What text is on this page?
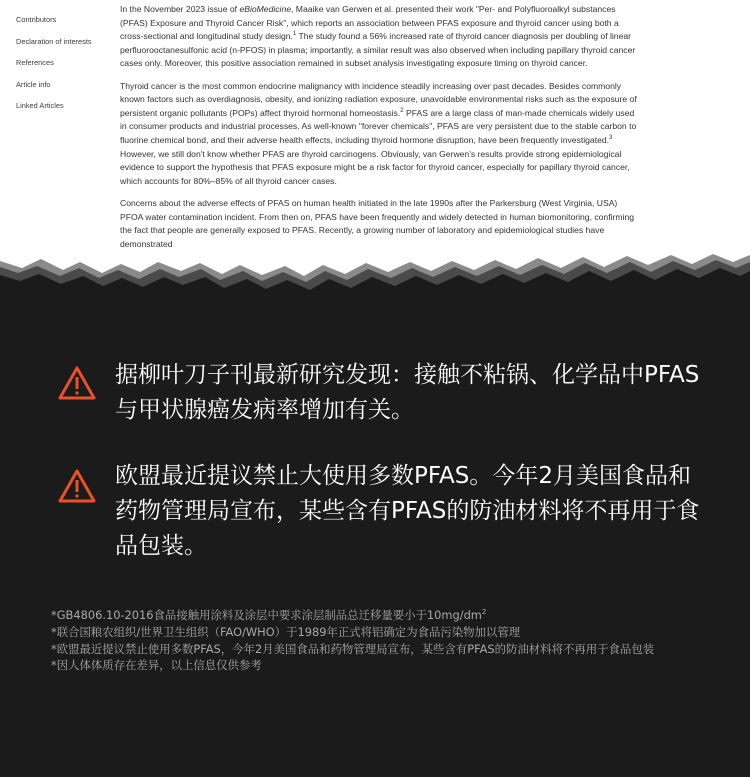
Contributors
Declaration of interests
References
Article info
Linked Articles

In the November 2023 issue of eBioMedicine, Maaike van Gerwen et al. presented their work "Per- and Polyfluoroalkyl substances (PFAS) Exposure and Thyroid Cancer Risk", which reports an association between PFAS exposure and thyroid cancer using both a cross-sectional and longitudinal study design.$^1$ The study found a 56% increased rate of thyroid cancer diagnosis per doubling of linear perfluorooctanesulfonic acid (n-PFOS) in plasma; importantly, a similar result was also observed when including papillary thyroid cancer cases only. Moreover, this positive association remained in subset analysis investigating exposure timing on thyroid cancer.

Thyroid cancer is the most common endocrine malignancy with incidence steadily increasing over past decades. Besides commonly known factors such as overdiagnosis, obesity, and ionizing radiation exposure, unavoidable environmental risks such as the exposure of persistent organic pollutants (POPs) affect thyroid hormonal homeostasis.$^2$ PFAS are a large class of man-made chemicals widely used in consumer products and industrial processes. As well-known "forever chemicals", PFAS are very persistent due to the stable carbon to fluorine chemical bond, and their adverse health effects, including thyroid hormone disruption, have been frequently investigated.$^3$ However, we still don't know whether PFAS are thyroid carcinogens. Obviously, van Gerwen's results provide strong epidemiological evidence to support the hypothesis that PFAS exposure might be a risk factor for thyroid cancer, especially for papillary thyroid cancer, which accounts for 80%–85% of all thyroid cancer cases.

Concerns about the adverse effects of PFAS on human health initiated in the late 1990s after the Parkersburg (West Virginia, USA) PFOA water contamination incident. From then on, PFAS have been frequently and widely detected in human biomonitoring, confirming the fact that people are generally exposed to PFAS. Recently, a growing number of laboratory and epidemiological studies have demonstrated

据柳叶刀子刊最新研究发现：接触不粘锅、化学品中PFAS与甲状腺癌发病率增加有关。
欧盟最近提议禁止大使用多数PFAS。今年2月美国食品和药物管理局宣布，某些含有PFAS的防油材料将不再用于食品包装。
*GB4806.10-2016食品接触用涂料及涂层中要求涂层制品总迁移量要小于$10mg/dm^2$
*联合国粮农组织/世界卫生组织（FAO/WHO）于1989年正式将铝确定为食品污染物加以管理
*欧盟最近提议禁止使用多数PFAS，今年2月美国食品和药物管理局宣布，某些含有PFAS的防油材料将不再用于食品包装
*因人体体质存在差异，以上信息仅供参考
